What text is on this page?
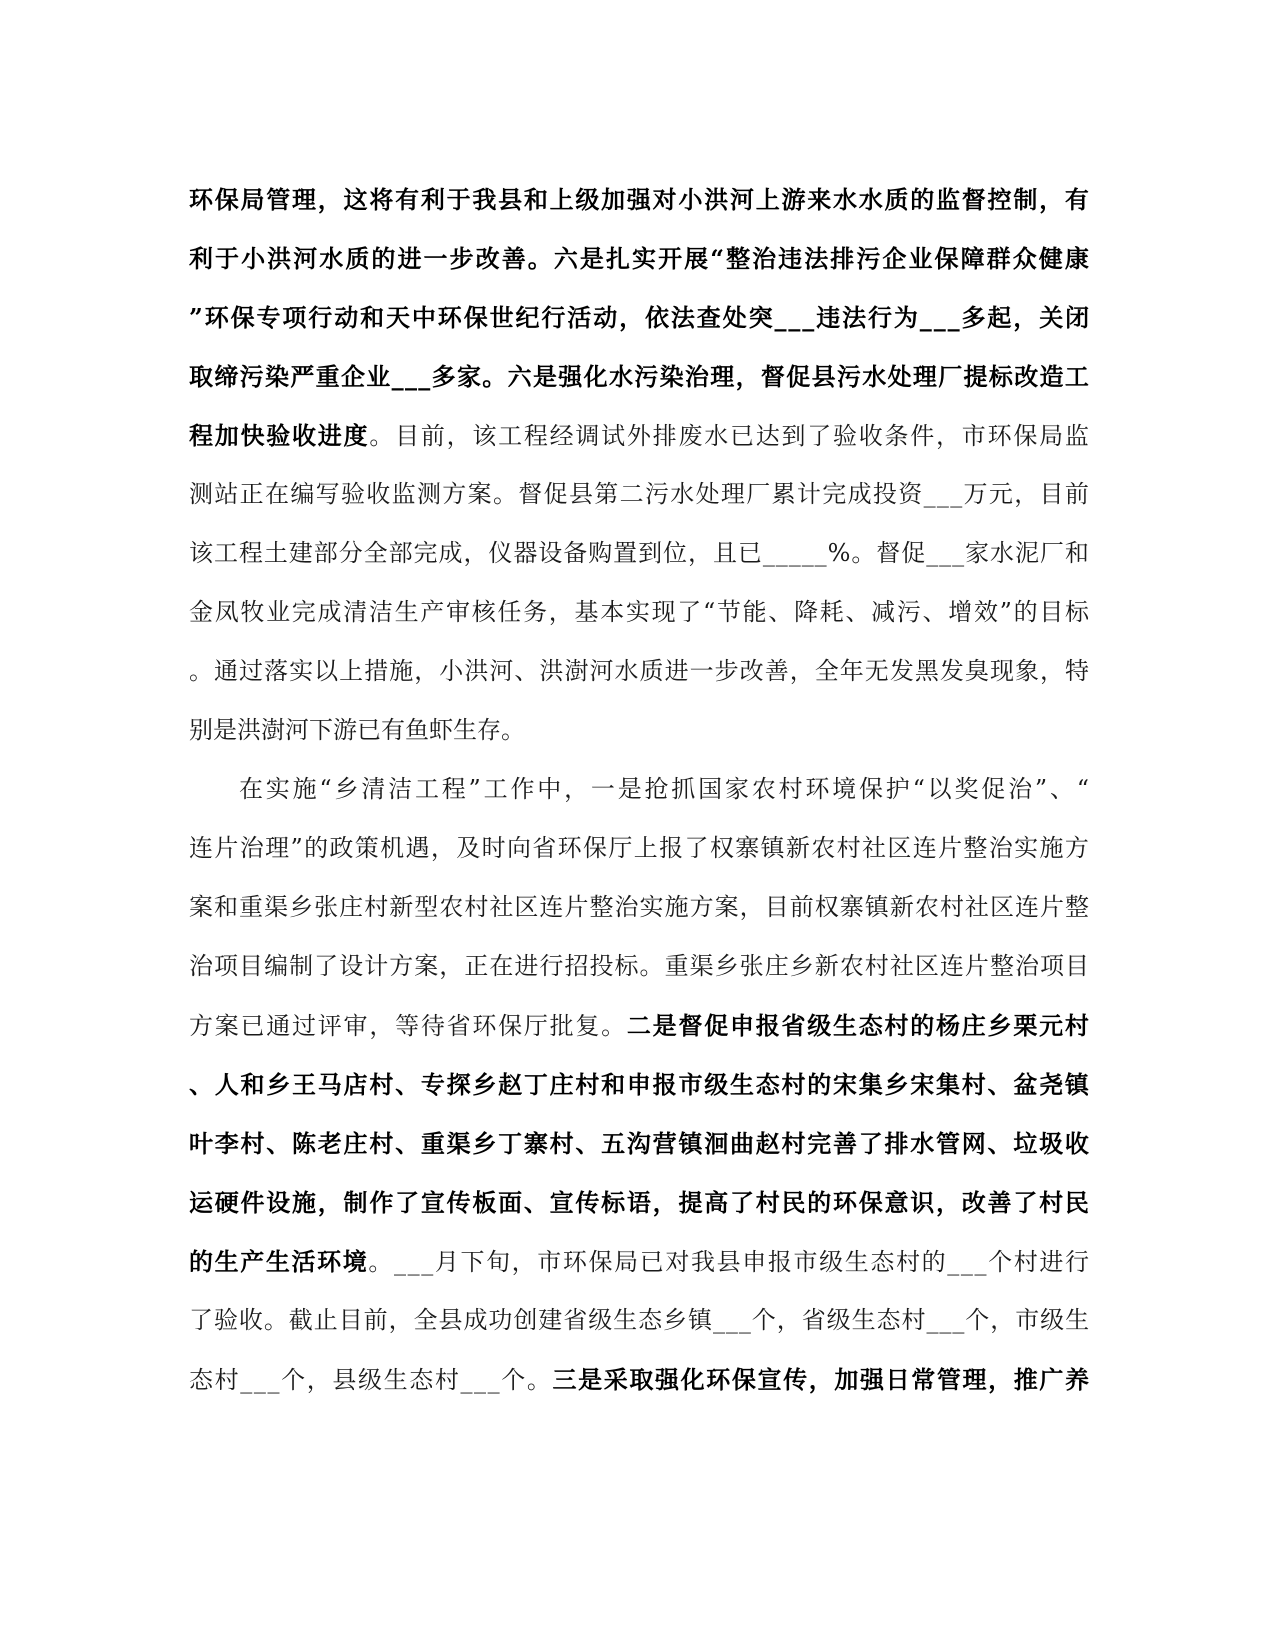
环保局管理，这将有利于我县和上级加强对小洪河上游来水水质的监督控制，有
利于小洪河水质的进一步改善。六是扎实开展“整治违法排污企业保障群众健康
”环保专项行动和天中环保世纪行活动，依法查处突___违法行为___多起，关闭
取缔污染严重企业___多家。六是强化水污染治理，督促县污水处理厂提标改造工
程加快验收进度。目前，该工程经调试外排废水已达到了验收条件，市环保局监
测站正在编写验收监测方案。督促县第二污水处理厂累计完成投资___万元，目前
该工程土建部分全部完成，仪器设备购置到位，且已_____%。督促___家水泥厂和
金凤牧业完成清洁生产审核任务，基本实现了“节能、降耗、减污、增效”的目标
。通过落实以上措施，小洪河、洪澍河水质进一步改善，全年无发黑发臭现象，特
别是洪澍河下游已有鱼虾生存。
在实施“乡清洁工程”工作中，一是抢抓国家农村环境保护“以奖促治”、“
连片治理”的政策机遇，及时向省环保厅上报了权寨镇新农村社区连片整治实施方
案和重渠乡张庄村新型农村社区连片整治实施方案，目前权寨镇新农村社区连片整
治项目编制了设计方案，正在进行招投标。重渠乡张庄乡新农村社区连片整治项目
方案已通过评审，等待省环保厅批复。二是督促申报省级生态村的杨庄乡栗元村
、人和乡王马店村、专探乡赵丁庄村和申报市级生态村的宋集乡宋集村、盆尧镇
叶李村、陈老庄村、重渠乡丁寨村、五沟营镇洄曲赵村完善了排水管网、垃圾收
运硬件设施，制作了宣传板面、宣传标语，提高了村民的环保意识，改善了村民
的生产生活环境。___月下旬，市环保局已对我县申报市级生态村的___个村进行
了验收。截止目前，全县成功创建省级生态乡镇___个，省级生态村___个，市级生
态村___个，县级生态村___个。三是采取强化环保宣传，加强日常管理，推广养
